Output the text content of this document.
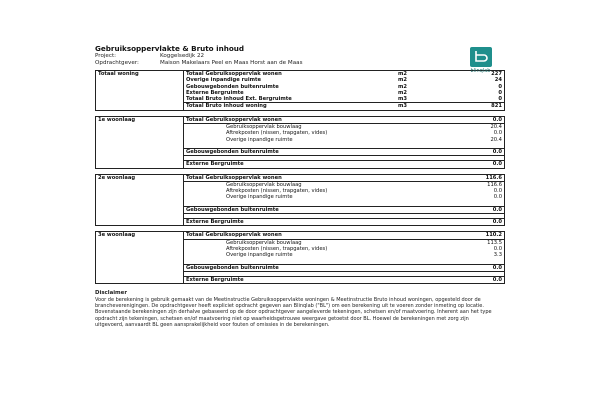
Gebruiksoppervlakte & Bruto inhoud
Project:	Koggelsedijk 22
Opdrachtgever:	Maison Makelaars Peel en Maas Horst aan de Maas
blinqlab
Totaal woning	Totaal Gebruiksoppervlak wonen	m2	227
	Overige inpandige ruimte	m2	24
	Gebouwgebonden buitenruimte	m2	0
	Externe Bergruimte	m2	0
	Totaal Bruto inhoud Ext. Bergruimte	m3	0
	Totaal Bruto inhoud woning	m3	821
1e woonlaag	Totaal Gebruiksoppervlak wonen	0.0
	Gebruiksoppervlak bouwlaag	20.4
	Aftrekposten (nissen, trapgaten, vides)	0.0
	Overige inpandige ruimte	20.4

	Gebouwgebonden buitenruimte	0.0

	Externe Bergruimte	0.0
2e woonlaag	Totaal Gebruiksoppervlak wonen	116.6
	Gebruiksoppervlak bouwlaag	116.6
	Aftrekposten (nissen, trapgaten, vides)	0.0
	Overige inpandige ruimte	0.0

	Gebouwgebonden buitenruimte	0.0

	Externe Bergruimte	0.0
3e woonlaag	Totaal Gebruiksoppervlak wonen	110.2
	Gebruiksoppervlak bouwlaag	113.5
	Aftrekposten (nissen, trapgaten, vides)	0.0
	Overige inpandige ruimte	3.3

	Gebouwgebonden buitenruimte	0.0

	Externe Bergruimte	0.0
Disclaimer
Voor de berekening is gebruik gemaakt van de Meetinstructie Gebruiksoppervlakte woningen & Meetinstructie Bruto inhoud woningen, opgesteld door de brancheverenigingen. De opdrachtgever heeft expliciet opdracht gegeven aan Blinqlab ("BL") om een berekening uit te voeren zonder inmeting op locatie. Bovenstaande berekeningen zijn derhalve gebaseerd op de door opdrachtgever aangeleverde tekeningen, schetsen en/of maatvoering. Inherent aan het type opdracht zijn tekeningen, schetsen en/of maatvoering niet op waarheidsgetrouwe weergave getoetst door BL. Hoewel de berekeningen met zorg zijn uitgevoerd, aanvaardt BL geen aansprakelijkheid voor fouten of omissies in de berekeningen.
